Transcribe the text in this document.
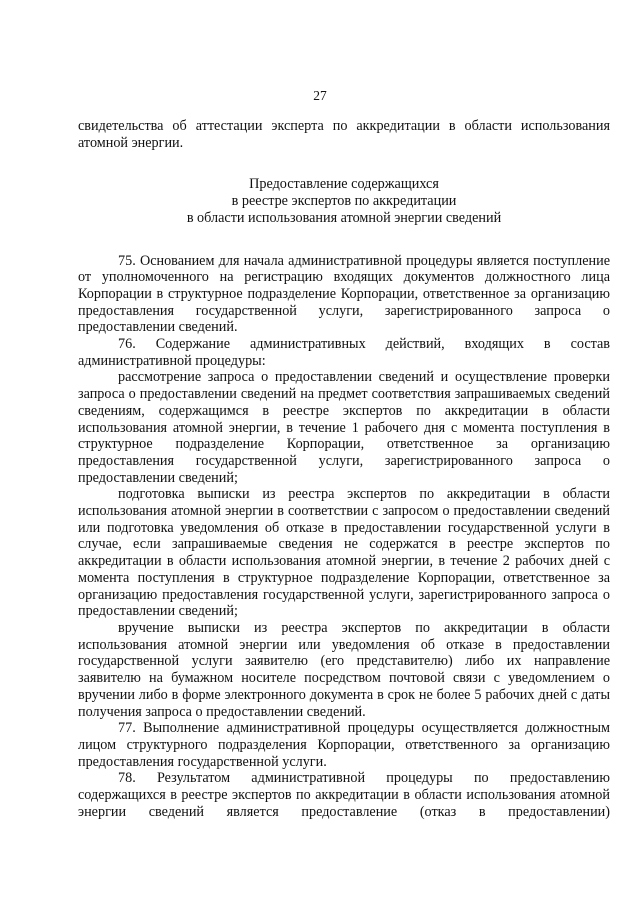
27

свидетельства об аттестации эксперта по аккредитации в области использования атомной энергии.

Предоставление содержащихся
в реестре экспертов по аккредитации
в области использования атомной энергии сведений

75. Основанием для начала административной процедуры является поступление от уполномоченного на регистрацию входящих документов должностного лица Корпорации в структурное подразделение Корпорации, ответственное за организацию предоставления государственной услуги, зарегистрированного запроса о предоставлении сведений.

76. Содержание административных действий, входящих в состав административной процедуры:

рассмотрение запроса о предоставлении сведений и осуществление проверки запроса о предоставлении сведений на предмет соответствия запрашиваемых сведений сведениям, содержащимся в реестре экспертов по аккредитации в области использования атомной энергии, в течение 1 рабочего дня с момента поступления в структурное подразделение Корпорации, ответственное за организацию предоставления государственной услуги, зарегистрированного запроса о предоставлении сведений;

подготовка выписки из реестра экспертов по аккредитации в области использования атомной энергии в соответствии с запросом о предоставлении сведений или подготовка уведомления об отказе в предоставлении государственной услуги в случае, если запрашиваемые сведения не содержатся в реестре экспертов по аккредитации в области использования атомной энергии, в течение 2 рабочих дней с момента поступления в структурное подразделение Корпорации, ответственное за организацию предоставления государственной услуги, зарегистрированного запроса о предоставлении сведений;

вручение выписки из реестра экспертов по аккредитации в области использования атомной энергии или уведомления об отказе в предоставлении государственной услуги заявителю (его представителю) либо их направление заявителю на бумажном носителе посредством почтовой связи с уведомлением о вручении либо в форме электронного документа в срок не более 5 рабочих дней с даты получения запроса о предоставлении сведений.

77. Выполнение административной процедуры осуществляется должностным лицом структурного подразделения Корпорации, ответственного за организацию предоставления государственной услуги.

78. Результатом административной процедуры по предоставлению содержащихся в реестре экспертов по аккредитации в области использования атомной энергии сведений является предоставление (отказ в предоставлении)
